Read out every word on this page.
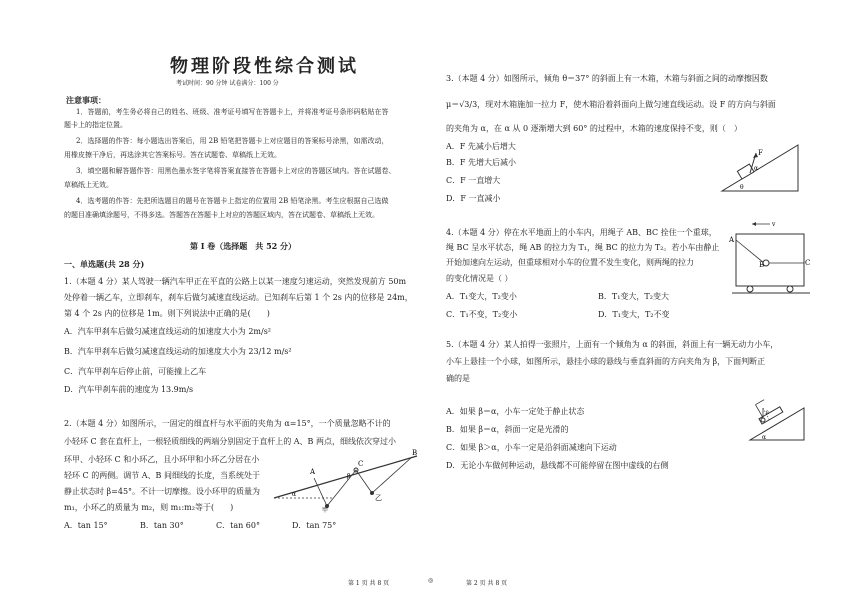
物理阶段性综合测试
考试时间：90 分钟 试卷满分：100 分
注意事项：
1．答题前，考生务必将自己的姓名、班级、准考证号填写在答题卡上，并将准考证号条形码粘贴在答
题卡上的指定位置。
2．选择题的作答：每小题选出答案后，用 2B 铅笔把答题卡上对应题目的答案标号涂黑，如需改动，
用橡皮擦干净后，再选涂其它答案标号。答在试题卷、草稿纸上无效。
3．填空题和解答题作答：用黑色墨水签字笔将答案直接答在答题卡上对应的答题区域内。答在试题卷、
草稿纸上无效。
4．选考题的作答：先把所选题目的题号在答题卡上指定的位置用 2B 铅笔涂黑。考生应根据自己选做
的题目准确填涂题号，不得多选。答题答在答题卡上对应的答题区域内，答在试题卷、草稿纸上无效。
第 I 卷（选择题　共 52 分）
一、单选题(共 28 分)
1.（本题 4 分）某人驾驶一辆汽车甲正在平直的公路上以某一速度匀速运动，突然发现前方 50m
处停着一辆乙车，立即刹车，刹车后做匀减速直线运动。已知刹车后第 1 个 2s 内的位移是 24m，
第 4 个 2s 内的位移是 1m。则下列说法中正确的是(　　)
A．汽车甲刹车后做匀减速直线运动的加速度大小为 2m/s²
B．汽车甲刹车后做匀减速直线运动的加速度大小为 23/12 m/s²
C．汽车甲刹车后停止前，可能撞上乙车
D．汽车甲刹车前的速度为 13.9m/s
2.（本题 4 分）如图所示，一固定的细直杆与水平面的夹角为 α=15°，一个质量忽略不计的
小轻环 C 套在直杆上，一根轻质细线的两端分别固定于直杆上的 A、B 两点，细线依次穿过小
环甲、小轻环 C 和小环乙，且小环甲和小环乙分居在小
轻环 C 的两侧。调节 A、B 间细线的长度，当系统处于
静止状态时 β=45°。不计一切摩擦。设小环甲的质量为
m₁，小环乙的质量为 m₂，则 m₁:m₂等于(　　)
A．tan 15°	B．tan 30°	C．tan 60°	D．tan 75°
A
B
C
甲
乙
α
β
3.（本题 4 分）如图所示，倾角 θ＝37° 的斜面上有一木箱，木箱与斜面之间的动摩擦因数
μ＝√3/3，现对木箱施加一拉力 F，使木箱沿着斜面向上做匀速直线运动。设 F 的方向与斜面
的夹角为 α，在 α 从 0 逐渐增大到 60° 的过程中，木箱的速度保持不变，则（　）
A．F 先减小后增大
B．F 先增大后减小
C．F 一直增大
D．F 一直减小
F
α
θ
4.（本题 4 分）停在水平地面上的小车内，用绳子 AB、BC 拴住一个重球，
绳 BC 呈水平状态，绳 AB 的拉力为 T₁，绳 BC 的拉力为 T₂。若小车由静止
开始加速向左运动，但重球相对小车的位置不发生变化，则两绳的拉力
的变化情况是（ ）
A．T₁变大，T₂变小	B．T₁变大，T₂变大
C．T₁不变，T₂变小	D．T₁变大，T₂不变
v
A
B	C
5.（本题 4 分）某人拍得一张照片，上面有一个倾角为 α 的斜面，斜面上有一辆无动力小车，
小车上悬挂一个小球，如图所示，悬挂小球的悬线与垂直斜面的方向夹角为 β，下面判断正
确的是
A．如果 β＝α，小车一定处于静止状态
B．如果 β＝α，斜面一定是光滑的
C．如果 β＞α，小车一定是沿斜面减速向下运动
D．无论小车做何种运动，悬线都不可能停留在图中虚线的右侧
α
β
第 1 页 共 8 页	◎	第 2 页 共 8 页
